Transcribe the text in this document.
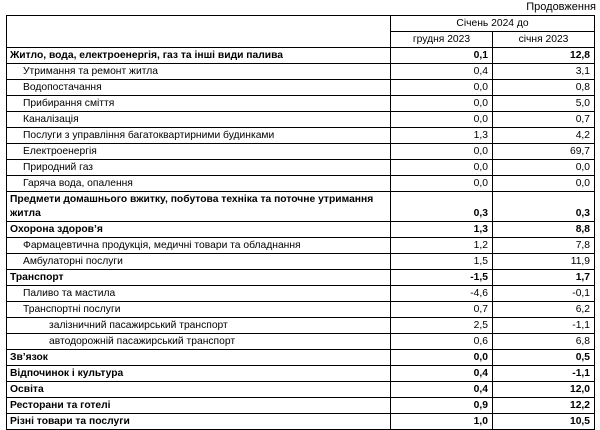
Продовження
	Січень 2024 до	
	грудня 2023	січня 2023
Житло, вода, електроенергія, газ та інші види палива	0,1	12,8
Утримання та ремонт житла	0,4	3,1
Водопостачання	0,0	0,8
Прибирання сміття	0,0	5,0
Каналізація	0,0	0,7
Послуги з управління багатоквартирними будинками	1,3	4,2
Електроенергія	0,0	69,7
Природний газ	0,0	0,0
Гаряча вода, опалення	0,0	0,0
Предмети домашнього вжитку, побутова техніка та поточне утримання житла	0,3	0,3
Охорона здоров’я	1,3	8,8
Фармацевтична продукція, медичні товари та обладнання	1,2	7,8
Амбулаторні послуги	1,5	11,9
Транспорт	-1,5	1,7
Паливо та мастила	-4,6	-0,1
Транспортні послуги	0,7	6,2
залізничний пасажирський транспорт	2,5	-1,1
автодорожній пасажирський транспорт	0,6	6,8
Зв’язок	0,0	0,5
Відпочинок і культура	0,4	-1,1
Освіта	0,4	12,0
Ресторани та готелі	0,9	12,2
Різні товари та послуги	1,0	10,5
